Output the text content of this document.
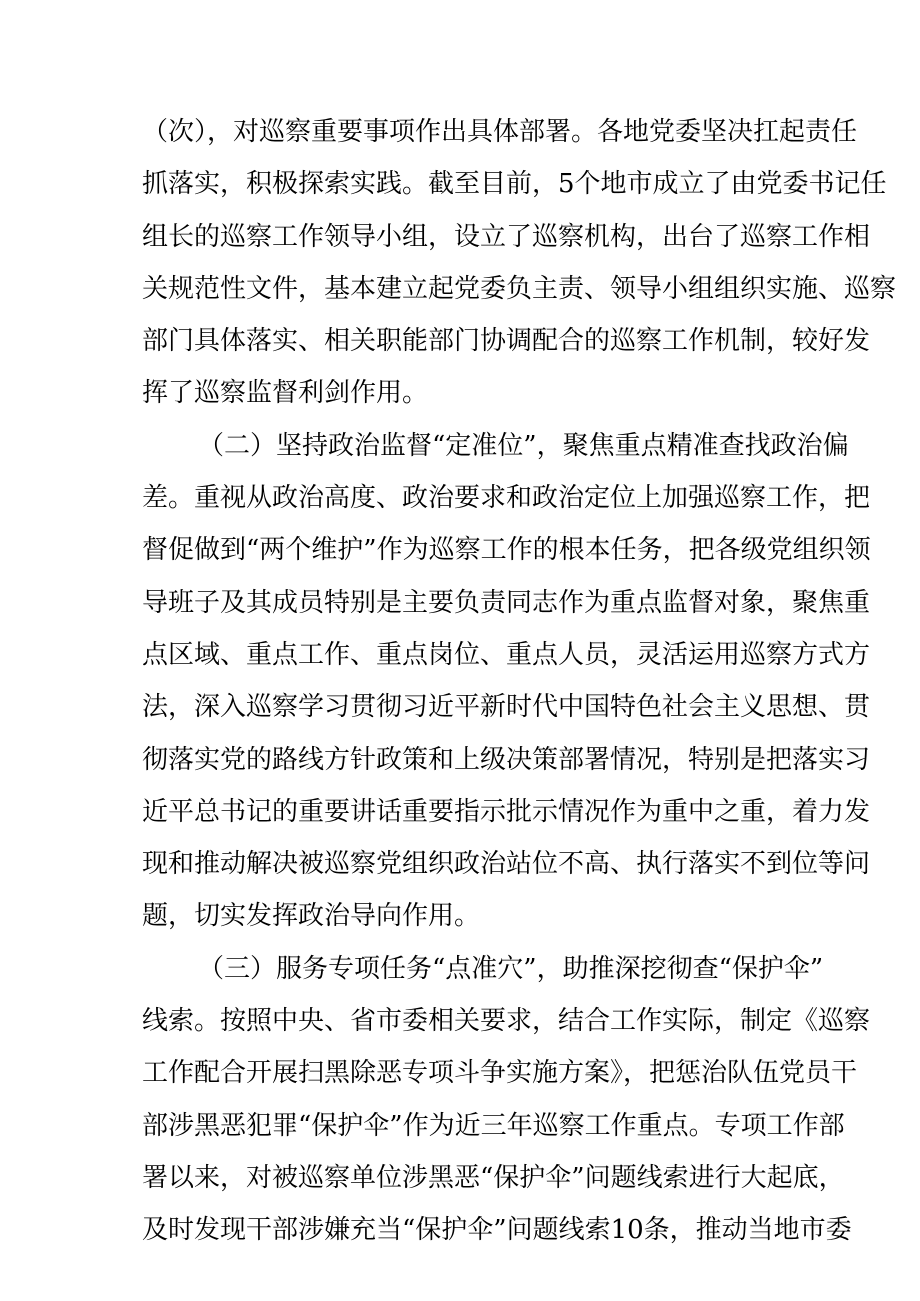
（次），对巡察重要事项作出具体部署。各地党委坚决扛起责任
抓落实，积极探索实践。截至目前，5个地市成立了由党委书记任
组长的巡察工作领导小组，设立了巡察机构，出台了巡察工作相
关规范性文件，基本建立起党委负主责、领导小组组织实施、巡察
部门具体落实、相关职能部门协调配合的巡察工作机制，较好发
挥了巡察监督利剑作用。
（二）坚持政治监督“定准位”，聚焦重点精准查找政治偏
差。重视从政治高度、政治要求和政治定位上加强巡察工作，把
督促做到“两个维护”作为巡察工作的根本任务，把各级党组织领
导班子及其成员特别是主要负责同志作为重点监督对象，聚焦重
点区域、重点工作、重点岗位、重点人员，灵活运用巡察方式方
法，深入巡察学习贯彻习近平新时代中国特色社会主义思想、贯
彻落实党的路线方针政策和上级决策部署情况，特别是把落实习
近平总书记的重要讲话重要指示批示情况作为重中之重，着力发
现和推动解决被巡察党组织政治站位不高、执行落实不到位等问
题，切实发挥政治导向作用。
（三）服务专项任务“点准穴”，助推深挖彻查“保护伞”
线索。按照中央、省市委相关要求，结合工作实际，制定《巡察
工作配合开展扫黑除恶专项斗争实施方案》，把惩治队伍党员干
部涉黑恶犯罪“保护伞”作为近三年巡察工作重点。专项工作部
署以来，对被巡察单位涉黑恶“保护伞”问题线索进行大起底，
及时发现干部涉嫌充当“保护伞”问题线索10条，推动当地市委
